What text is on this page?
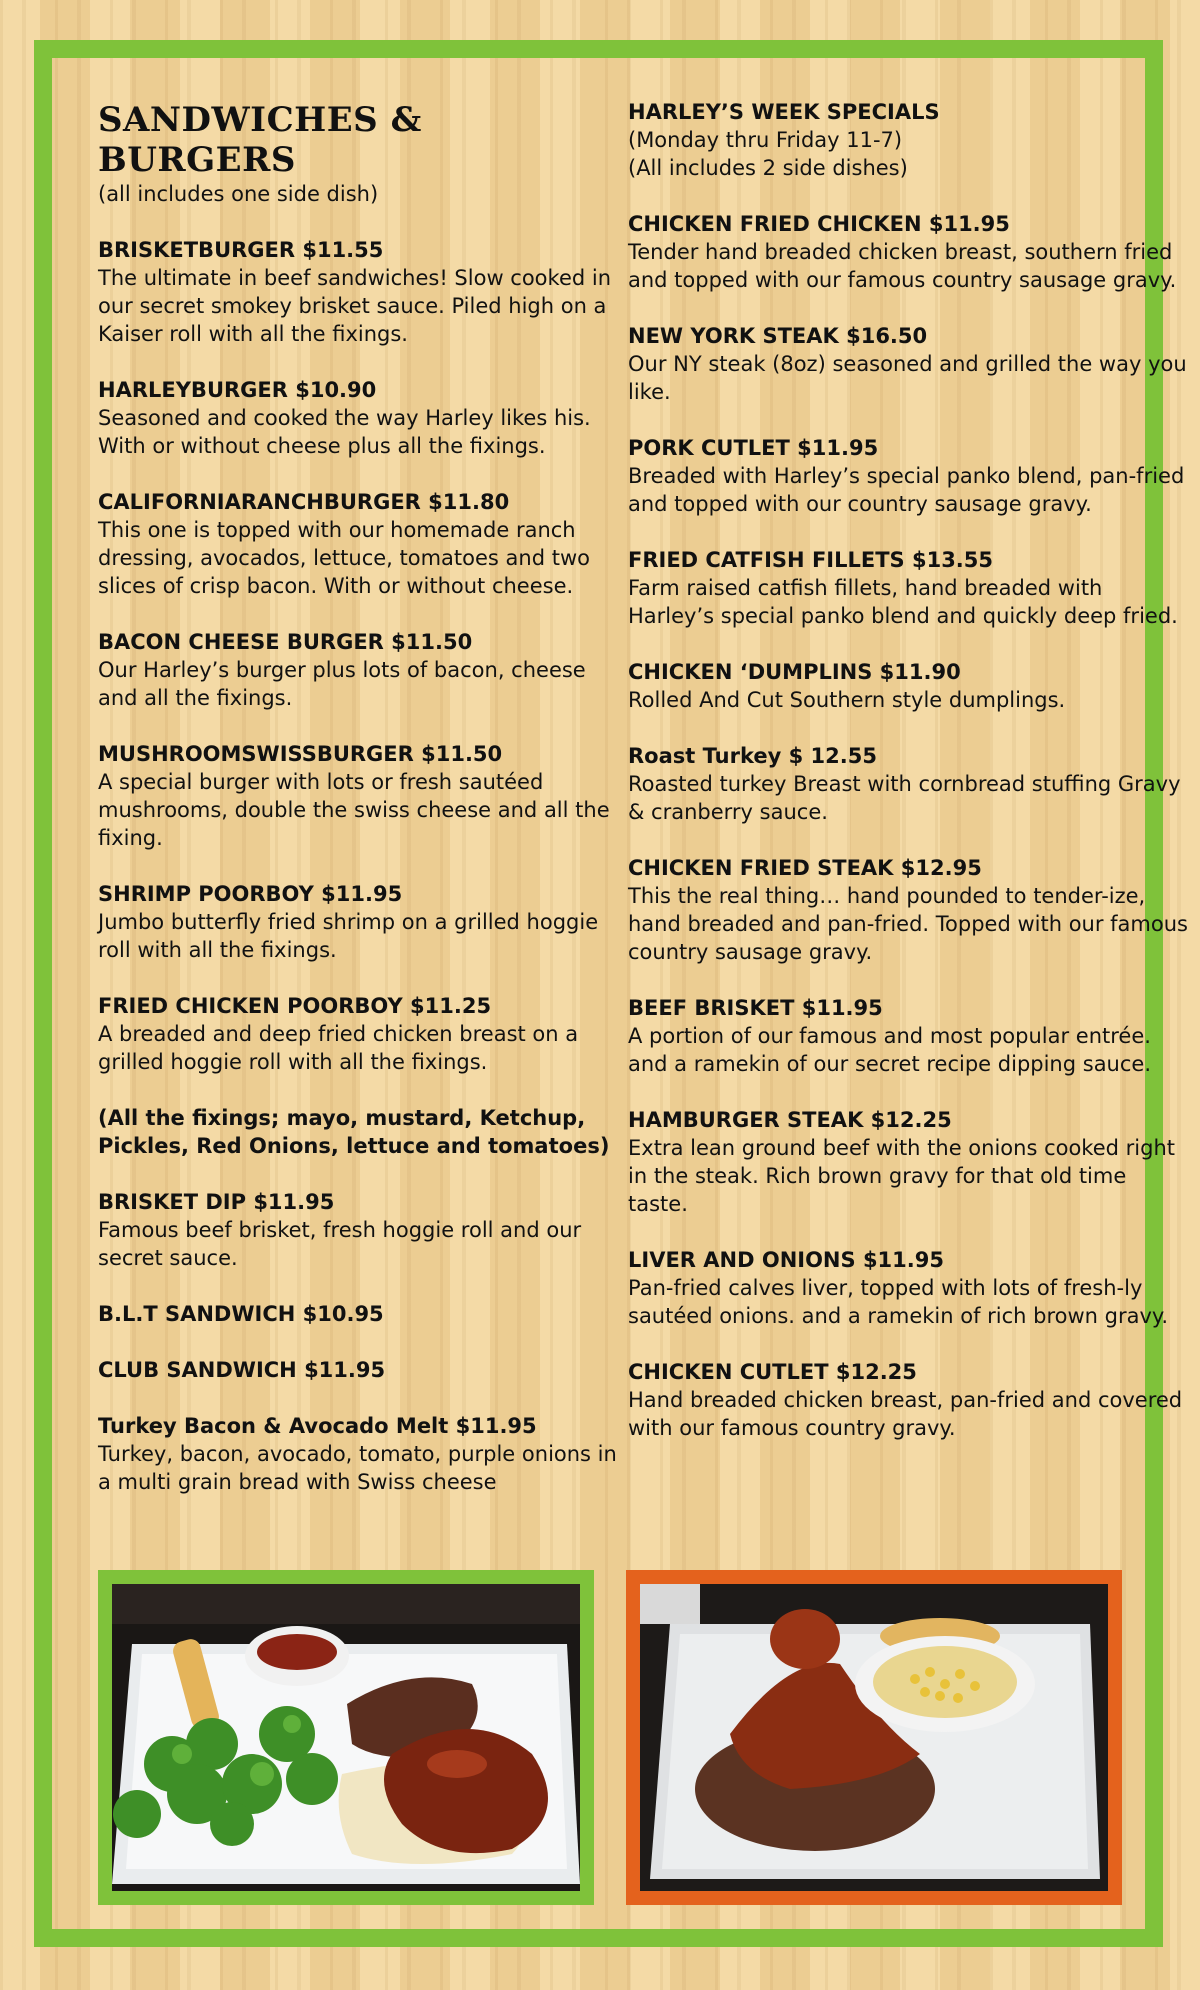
SANDWICHES & BURGERS
(all includes one side dish)
BRISKETBURGER $11.55
The ultimate in beef sandwiches! Slow cooked in our secret smokey brisket sauce. Piled high on a Kaiser roll with all the fixings.
HARLEYBURGER $10.90
Seasoned and cooked the way Harley likes his. With or without cheese plus all the fixings.
CALIFORNIARANCHBURGER $11.80
This one is topped with our homemade ranch dressing, avocados, lettuce, tomatoes and two slices of crisp bacon. With or without cheese.
BACON CHEESE BURGER $11.50
Our Harley’s burger plus lots of bacon, cheese and all the fixings.
MUSHROOMSWISSBURGER $11.50
A special burger with lots or fresh sautéed mushrooms, double the swiss cheese and all the fixing.
SHRIMP POORBOY $11.95
Jumbo butterfly fried shrimp on a grilled hoggie roll with all the fixings.
FRIED CHICKEN POORBOY $11.25
A breaded and deep fried chicken breast on a grilled hoggie roll with all the fixings.
(All the fixings; mayo, mustard, Ketchup, Pickles, Red Onions, lettuce and tomatoes)
BRISKET DIP $11.95
Famous beef brisket, fresh hoggie roll and our secret sauce.
B.L.T SANDWICH $10.95
CLUB SANDWICH $11.95
Turkey Bacon & Avocado Melt $11.95
Turkey, bacon, avocado, tomato, purple onions in a multi grain bread with Swiss cheese
HARLEY’S WEEK SPECIALS
(Monday thru Friday 11-7)
(All includes 2 side dishes)
CHICKEN FRIED CHICKEN $11.95
Tender hand breaded chicken breast, southern fried and topped with our famous country sausage gravy.
NEW YORK STEAK $16.50
Our NY steak (8oz) seasoned and grilled the way you like.
PORK CUTLET $11.95
Breaded with Harley’s special panko blend, pan-fried and topped with our country sausage gravy.
FRIED CATFISH FILLETS $13.55
Farm raised catfish fillets, hand breaded with Harley’s special panko blend and quickly deep fried.
CHICKEN ‘DUMPLINS $11.90
Rolled And Cut Southern style dumplings.
Roast Turkey $ 12.55
Roasted turkey Breast with cornbread stuffing Gravy & cranberry sauce.
CHICKEN FRIED STEAK $12.95
This the real thing… hand pounded to tender-ize, hand breaded and pan-fried. Topped with our famous country sausage gravy.
BEEF BRISKET $11.95
A portion of our famous and most popular entrée. and a ramekin of our secret recipe dipping sauce.
HAMBURGER STEAK $12.25
Extra lean ground beef with the onions cooked right in the steak. Rich brown gravy for that old time taste.
LIVER AND ONIONS $11.95
Pan-fried calves liver, topped with lots of fresh-ly sautéed onions. and a ramekin of rich brown gravy.
CHICKEN CUTLET $12.25
Hand breaded chicken breast, pan-fried and covered with our famous country gravy.
